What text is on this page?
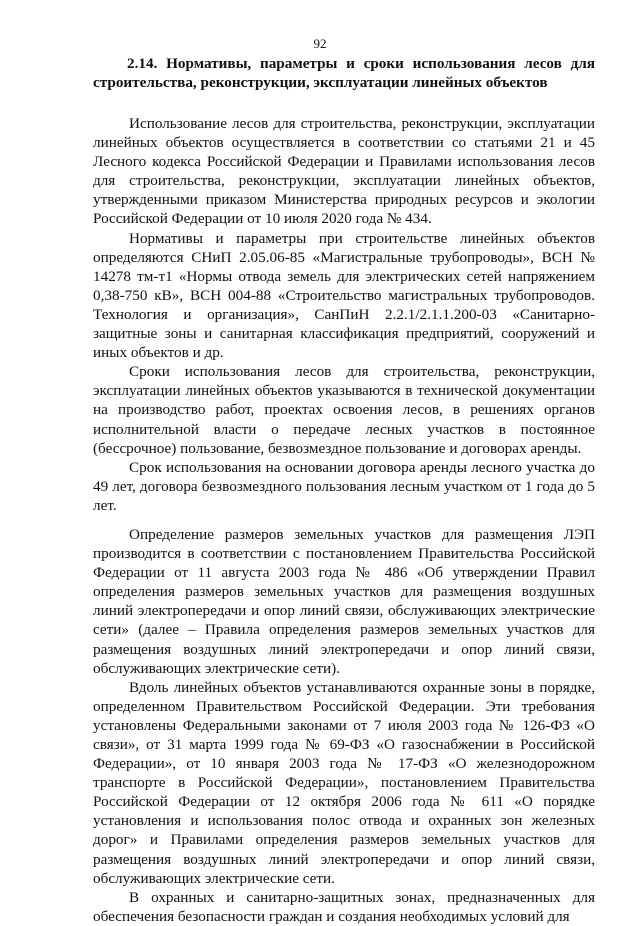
92
2.14. Нормативы, параметры и сроки использования лесов для строительства, реконструкции, эксплуатации линейных объектов

Использование лесов для строительства, реконструкции, эксплуатации линейных объектов осуществляется в соответствии со статьями 21 и 45 Лесного кодекса Российской Федерации и Правилами использования лесов для строительства, реконструкции, эксплуатации линейных объектов, утвержденными приказом Министерства природных ресурсов и экологии Российской Федерации от 10 июля 2020 года № 434.

Нормативы и параметры при строительстве линейных объектов определяются СНиП 2.05.06-85 «Магистральные трубопроводы», ВСН № 14278 тм-т1 «Нормы отвода земель для электрических сетей напряжением 0,38-750 кВ», ВСН 004-88 «Строительство магистральных трубопроводов. Технология и организация», СанПиН 2.2.1/2.1.1.200-03 «Санитарно-защитные зоны и санитарная классификация предприятий, сооружений и иных объектов и др.

Сроки использования лесов для строительства, реконструкции, эксплуатации линейных объектов указываются в технической документации на производство работ, проектах освоения лесов, в решениях органов исполнительной власти о передаче лесных участков в постоянное (бессрочное) пользование, безвозмездное пользование и договорах аренды.

Срок использования на основании договора аренды лесного участка до 49 лет, договора безвозмездного пользования лесным участком от 1 года до 5 лет.

Определение размеров земельных участков для размещения ЛЭП производится в соответствии с постановлением Правительства Российской Федерации от 11 августа 2003 года № 486 «Об утверждении Правил определения размеров земельных участков для размещения воздушных линий электропередачи и опор линий связи, обслуживающих электрические сети» (далее – Правила определения размеров земельных участков для размещения воздушных линий электропередачи и опор линий связи, обслуживающих электрические сети).

Вдоль линейных объектов устанавливаются охранные зоны в порядке, определенном Правительством Российской Федерации. Эти требования установлены Федеральными законами от 7 июля 2003 года № 126-ФЗ «О связи», от 31 марта 1999 года № 69-ФЗ «О газоснабжении в Российской Федерации», от 10 января 2003 года № 17-ФЗ «О железнодорожном транспорте в Российской Федерации», постановлением Правительства Российской Федерации от 12 октября 2006 года № 611 «О порядке установления и использования полос отвода и охранных зон железных дорог» и Правилами определения размеров земельных участков для размещения воздушных линий электропередачи и опор линий связи, обслуживающих электрические сети.

В охранных и санитарно-защитных зонах, предназначенных для обеспечения безопасности граждан и создания необходимых условий для
